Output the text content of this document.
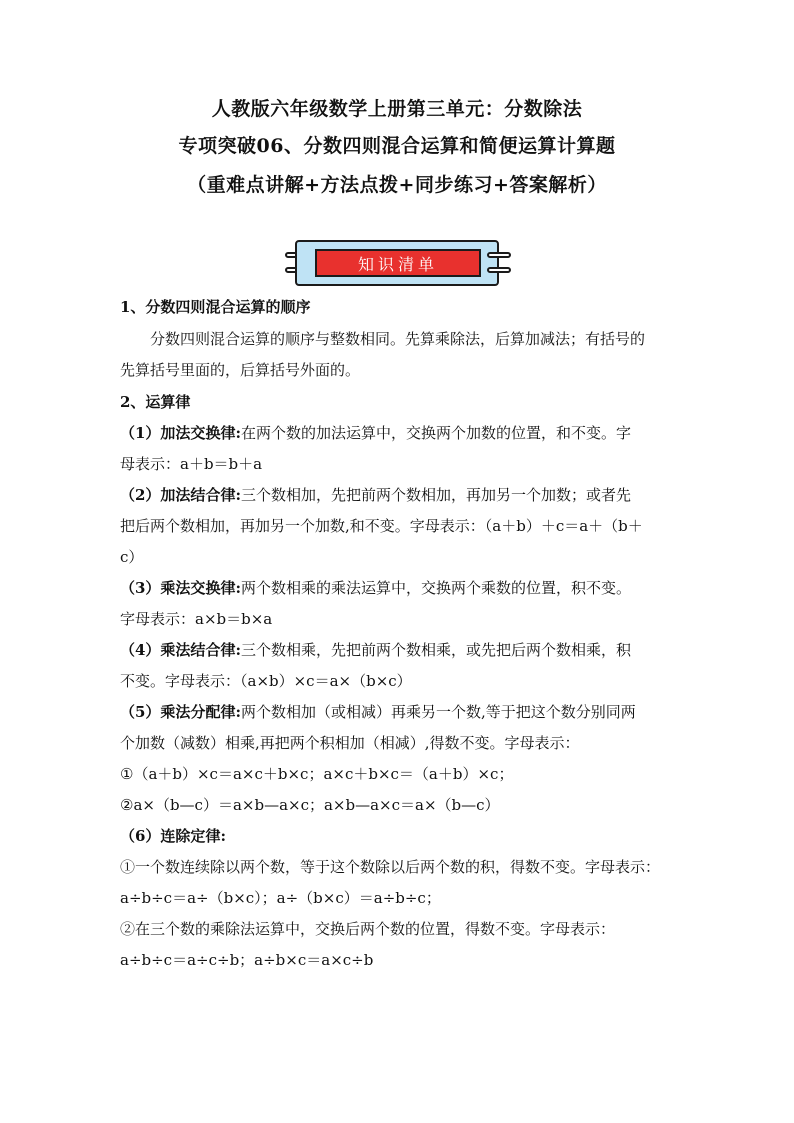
人教版六年级数学上册第三单元：分数除法
专项突破06、分数四则混合运算和简便运算计算题
（重难点讲解+方法点拨+同步练习+答案解析）
知识清单
1、分数四则混合运算的顺序
分数四则混合运算的顺序与整数相同。先算乘除法，后算加减法；有括号的
先算括号里面的，后算括号外面的。
2、运算律
（1）加法交换律:在两个数的加法运算中，交换两个加数的位置，和不变。字
母表示：a＋b＝b＋a
（2）加法结合律:三个数相加，先把前两个数相加，再加另一个加数；或者先
把后两个数相加，再加另一个加数,和不变。字母表示：（a＋b）＋c＝a＋（b＋
c）
（3）乘法交换律:两个数相乘的乘法运算中，交换两个乘数的位置，积不变。
字母表示：a×b＝b×a
（4）乘法结合律:三个数相乘，先把前两个数相乘，或先把后两个数相乘，积
不变。字母表示：（a×b）×c＝a×（b×c）
（5）乘法分配律:两个数相加（或相减）再乘另一个数,等于把这个数分别同两
个加数（减数）相乘,再把两个积相加（相减）,得数不变。字母表示：
①（a＋b）×c＝a×c＋b×c；a×c＋b×c＝（a＋b）×c；
②a×（b—c）＝a×b—a×c；a×b—a×c＝a×（b—c）
（6）连除定律:
①一个数连续除以两个数，等于这个数除以后两个数的积，得数不变。字母表示：
a÷b÷c＝a÷（b×c）；a÷（b×c）＝a÷b÷c；
②在三个数的乘除法运算中，交换后两个数的位置，得数不变。字母表示：
a÷b÷c＝a÷c÷b；a÷b×c＝a×c÷b
